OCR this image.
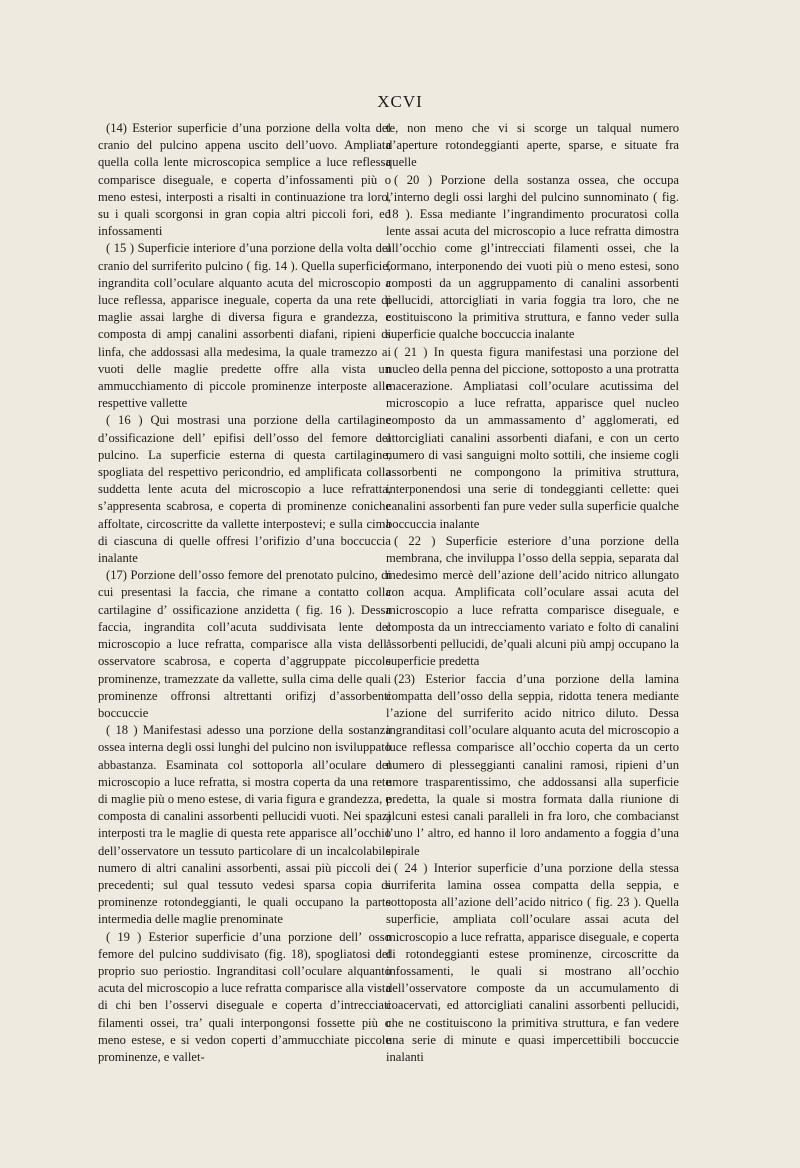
XCVI

(14) Esterior superficie d’una porzione della volta del cranio del pulcino appena uscito dell’uovo. Ampliata quella colla lente microscopica semplice a luce reflessa comparisce diseguale, e coperta d’infossamenti più o meno estesi, interposti a risalti in continuazione tra loro, su i quali scorgonsi in gran copia altri piccoli fori, ed infossamenti

( 15 ) Superficie interiore d’una porzione della volta del cranio del surriferito pulcino ( fig. 14 ). Quella superficie, ingrandita coll’oculare alquanto acuta del microscopio a luce reflessa, apparisce ineguale, coperta da una rete di maglie assai larghe di diversa figura e grandezza, e composta di ampj canalini assorbenti diafani, ripieni di linfa, che addossasi alla medesima, la quale tramezzo ai vuoti delle maglie predette offre alla vista un ammucchiamento di piccole prominenze interposte alle respettive vallette

( 16 ) Qui mostrasi una porzione della cartilagine d’ossificazione dell’ epifisi dell’osso del femore del pulcino. La superficie esterna di questa cartilagine, spogliata del respettivo pericondrio, ed amplificata colla suddetta lente acuta del microscopio a luce refratta, s’appresenta scabrosa, e coperta di prominenze coniche affoltate, circoscritte da vallette interpostevi; e sulla cima di ciascuna di quelle offresi l’orifizio d’una boccuccia inalante

(17) Porzione dell’osso femore del prenotato pulcino, di cui presentasi la faccia, che rimane a contatto colla cartilagine d’ ossificazione anzidetta ( fig. 16 ). Dessa faccia, ingrandita coll’acuta suddivisata lente del microscopio a luce refratta, comparisce alla vista dell’ osservatore scabrosa, e coperta d’aggruppate piccole prominenze, tramezzate da vallette, sulla cima delle quali prominenze offronsi altrettanti orifizj d’assorbenti boccuccie

( 18 ) Manifestasi adesso una porzione della sostanza ossea interna degli ossi lunghi del pulcino non isviluppato abbastanza. Esaminata col sottoporla all’oculare del microscopio a luce refratta, si mostra coperta da una rete di maglie più o meno estese, di varia figura e grandezza, e composta di canalini assorbenti pellucidi vuoti. Nei spazj interposti tra le maglie di questa rete apparisce all’occhio dell’osservatore un tessuto particolare di un incalcolabile numero di altri canalini assorbenti, assai più piccoli dei precedenti; sul qual tessuto vedesi sparsa copia di prominenze rotondeggianti, le quali occupano la parte intermedia delle maglie prenominate

( 19 ) Esterior superficie d’una porzione dell’ osso femore del pulcino suddivisato (fig. 18), spogliatosi del proprio suo periostio. Ingranditasi coll’oculare alquanto acuta del microscopio a luce refratta comparisce alla vista di chi ben l’osservi diseguale e coperta d’intrecciati filamenti ossei, tra’ quali interpongonsi fossette più o meno estese, e si vedon coperti d’ammucchiate piccole prominenze, e vallet-

te, non meno che vi si scorge un talqual numero d’aperture rotondeggianti aperte, sparse, e situate fra quelle

( 20 ) Porzione della sostanza ossea, che occupa l’interno degli ossi larghi del pulcino sunnominato ( fig. 18 ). Essa mediante l’ingrandimento procuratosi colla lente assai acuta del microscopio a luce refratta dimostra all’occhio come gl’intrecciati filamenti ossei, che la formano, interponendo dei vuoti più o meno estesi, sono composti da un aggruppamento di canalini assorbenti pellucidi, attorcigliati in varia foggia tra loro, che ne costituiscono la primitiva struttura, e fanno veder sulla superficie qualche boccuccia inalante

( 21 ) In questa figura manifestasi una porzione del nucleo della penna del piccione, sottoposto a una protratta macerazione. Ampliatasi coll’oculare acutissima del microscopio a luce refratta, apparisce quel nucleo composto da un ammassamento d’ agglomerati, ed attorcigliati canalini assorbenti diafani, e con un certo numero di vasi sanguigni molto sottili, che insieme cogli assorbenti ne compongono la primitiva struttura, interponendosi una serie di tondeggianti cellette: quei canalini assorbenti fan pure veder sulla superficie qualche boccuccia inalante

( 22 ) Superficie esteriore d’una porzione della membrana, che inviluppa l’osso della seppia, separata dal medesimo mercè dell’azione dell’acido nitrico allungato con acqua. Amplificata coll’oculare assai acuta del microscopio a luce refratta comparisce diseguale, e composta da un intrecciamento variato e folto di canalini assorbenti pellucidi, de’quali alcuni più ampj occupano la superficie predetta

(23) Esterior faccia d’una porzione della lamina compatta dell’osso della seppia, ridotta tenera mediante l’azione del surriferito acido nitrico diluto. Dessa ingranditasi coll’oculare alquanto acuta del microscopio a luce reflessa comparisce all’occhio coperta da un certo numero di plesseggianti canalini ramosi, ripieni d’un umore trasparentissimo, che addossansi alla superficie predetta, la quale si mostra formata dalla riunione di alcuni estesi canali paralleli in fra loro, che combacianst l’uno l’ altro, ed hanno il loro andamento a foggia d’una spirale

( 24 ) Interior superficie d’una porzione della stessa surriferita lamina ossea compatta della seppia, e sottoposta all’azione dell’acido nitrico ( fig. 23 ). Quella superficie, ampliata coll’oculare assai acuta del microscopio a luce refratta, apparisce diseguale, e coperta di rotondeggianti estese prominenze, circoscritte da infossamenti, le quali si mostrano all’occhio dell’osservatore composte da un accumulamento di coacervati, ed attorcigliati canalini assorbenti pellucidi, che ne costituiscono la primitiva struttura, e fan vedere una serie di minute e quasi impercettibili boccuccie inalanti
